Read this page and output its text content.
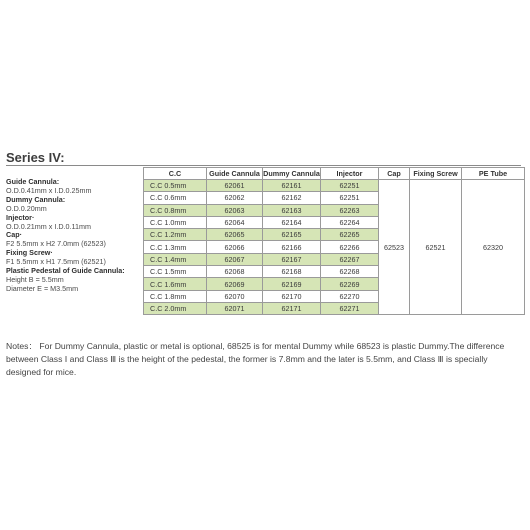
Series IV:
Guide Cannula:
O.D.0.41mm x I.D.0.25mm
Dummy Cannula:
O.D.0.20mm
Injector·
O.D.0.21mm x I.D.0.11mm
Cap·
F2 5.5mm x H2 7.0mm (62523)
Fixing Screw·
F1 5.5mm x H1 7.5mm (62521)
Plastic Pedestal of Guide Cannula:
Height B = 5.5mm
Diameter E = M3.5mm
C.C	Guide Cannula	Dummy Cannula	Injector	Cap	Fixing Screw	PE Tube
C.C 0.5mm	62061	62161	62251	62523	62521	62320
C.C 0.6mm	62062	62162	62251			
C.C 0.8mm	62063	62163	62263			
C.C 1.0mm	62064	62164	62264			
C.C 1.2mm	62065	62165	62265			
C.C 1.3mm	62066	62166	62266			
C.C 1.4mm	62067	62167	62267			
C.C 1.5mm	62068	62168	62268			
C.C 1.6mm	62069	62169	62269			
C.C 1.8mm	62070	62170	62270			
C.C 2.0mm	62071	62171	62271			

Notes： For Dummy Cannula, plastic or metal is optional, 68525 is for mental Dummy while 68523 is plastic Dummy.The difference between Class Ⅰ and Class Ⅲ is the height of the pedestal, the former is 7.8mm and the later is 5.5mm, and Class Ⅲ is specially designed for mice.
